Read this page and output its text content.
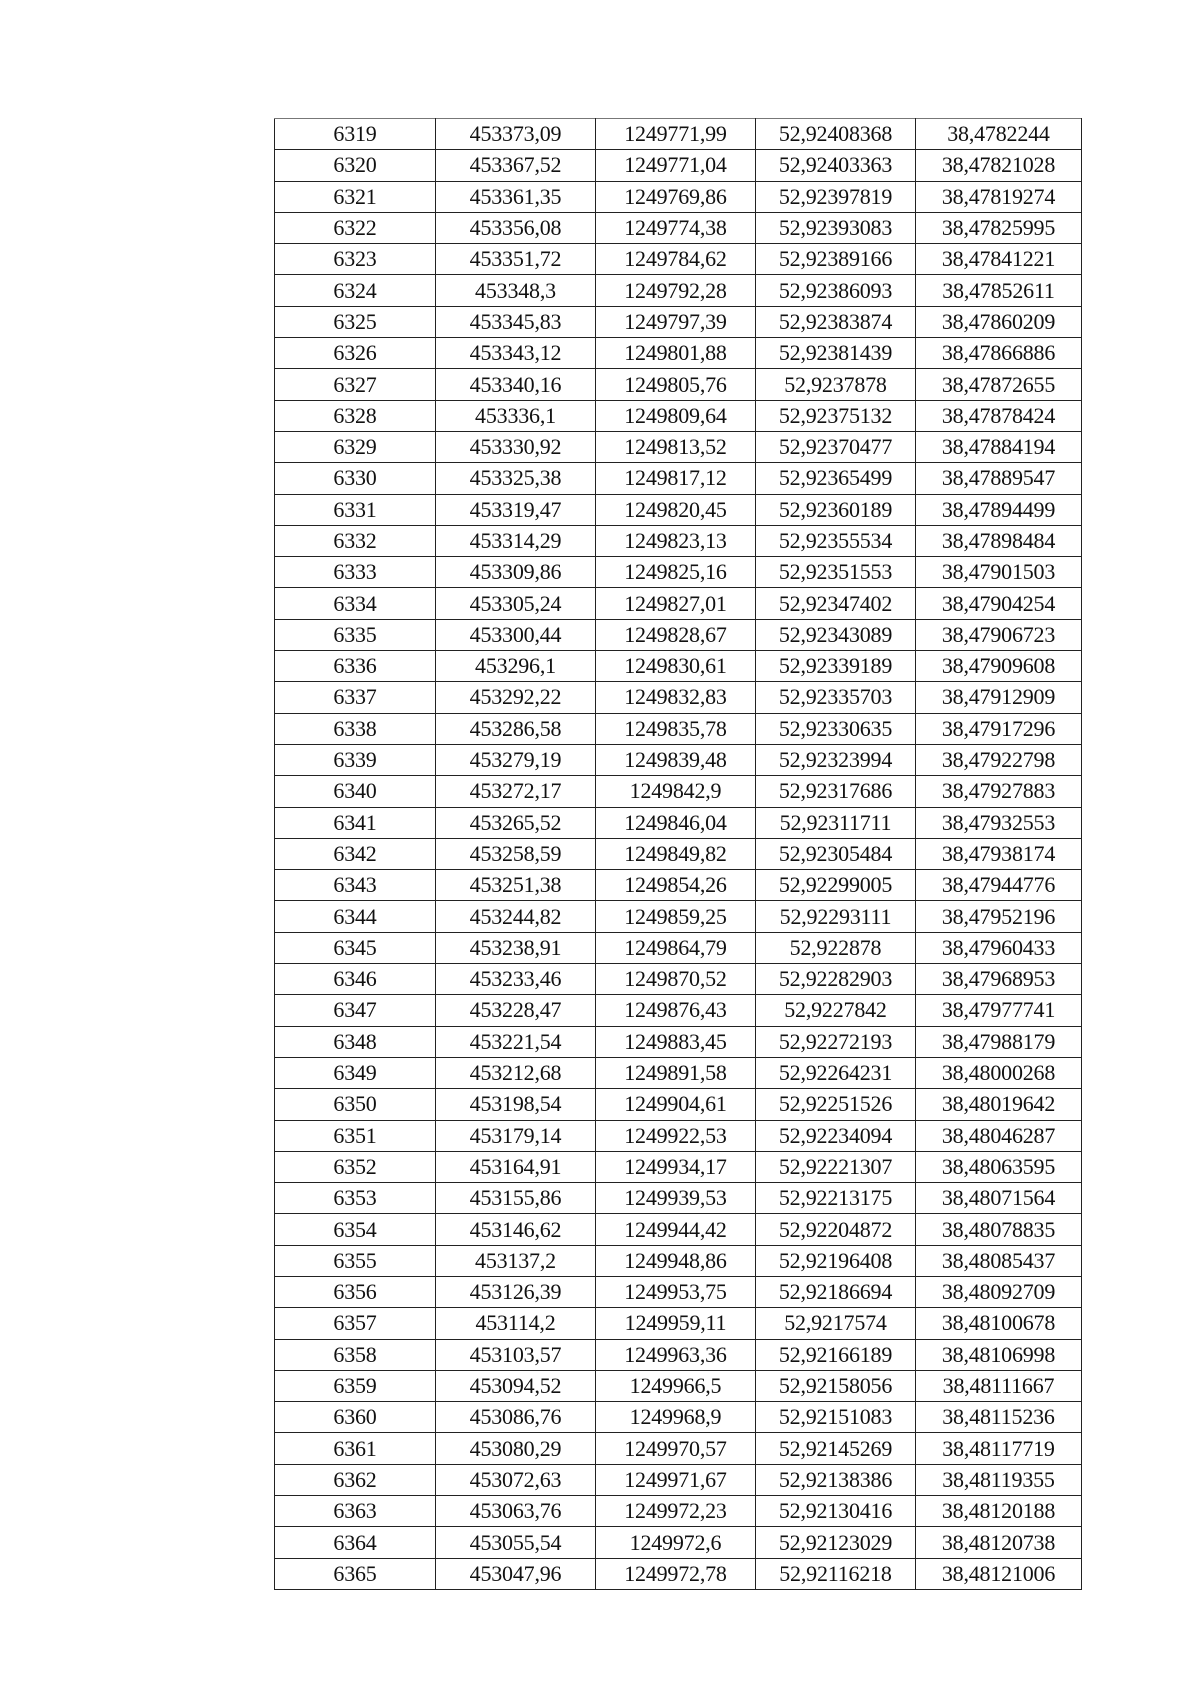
6319	453373,09	1249771,99	52,92408368	38,4782244
6320	453367,52	1249771,04	52,92403363	38,47821028
6321	453361,35	1249769,86	52,92397819	38,47819274
6322	453356,08	1249774,38	52,92393083	38,47825995
6323	453351,72	1249784,62	52,92389166	38,47841221
6324	453348,3	1249792,28	52,92386093	38,47852611
6325	453345,83	1249797,39	52,92383874	38,47860209
6326	453343,12	1249801,88	52,92381439	38,47866886
6327	453340,16	1249805,76	52,9237878	38,47872655
6328	453336,1	1249809,64	52,92375132	38,47878424
6329	453330,92	1249813,52	52,92370477	38,47884194
6330	453325,38	1249817,12	52,92365499	38,47889547
6331	453319,47	1249820,45	52,92360189	38,47894499
6332	453314,29	1249823,13	52,92355534	38,47898484
6333	453309,86	1249825,16	52,92351553	38,47901503
6334	453305,24	1249827,01	52,92347402	38,47904254
6335	453300,44	1249828,67	52,92343089	38,47906723
6336	453296,1	1249830,61	52,92339189	38,47909608
6337	453292,22	1249832,83	52,92335703	38,47912909
6338	453286,58	1249835,78	52,92330635	38,47917296
6339	453279,19	1249839,48	52,92323994	38,47922798
6340	453272,17	1249842,9	52,92317686	38,47927883
6341	453265,52	1249846,04	52,92311711	38,47932553
6342	453258,59	1249849,82	52,92305484	38,47938174
6343	453251,38	1249854,26	52,92299005	38,47944776
6344	453244,82	1249859,25	52,92293111	38,47952196
6345	453238,91	1249864,79	52,922878	38,47960433
6346	453233,46	1249870,52	52,92282903	38,47968953
6347	453228,47	1249876,43	52,9227842	38,47977741
6348	453221,54	1249883,45	52,92272193	38,47988179
6349	453212,68	1249891,58	52,92264231	38,48000268
6350	453198,54	1249904,61	52,92251526	38,48019642
6351	453179,14	1249922,53	52,92234094	38,48046287
6352	453164,91	1249934,17	52,92221307	38,48063595
6353	453155,86	1249939,53	52,92213175	38,48071564
6354	453146,62	1249944,42	52,92204872	38,48078835
6355	453137,2	1249948,86	52,92196408	38,48085437
6356	453126,39	1249953,75	52,92186694	38,48092709
6357	453114,2	1249959,11	52,9217574	38,48100678
6358	453103,57	1249963,36	52,92166189	38,48106998
6359	453094,52	1249966,5	52,92158056	38,48111667
6360	453086,76	1249968,9	52,92151083	38,48115236
6361	453080,29	1249970,57	52,92145269	38,48117719
6362	453072,63	1249971,67	52,92138386	38,48119355
6363	453063,76	1249972,23	52,92130416	38,48120188
6364	453055,54	1249972,6	52,92123029	38,48120738
6365	453047,96	1249972,78	52,92116218	38,48121006
